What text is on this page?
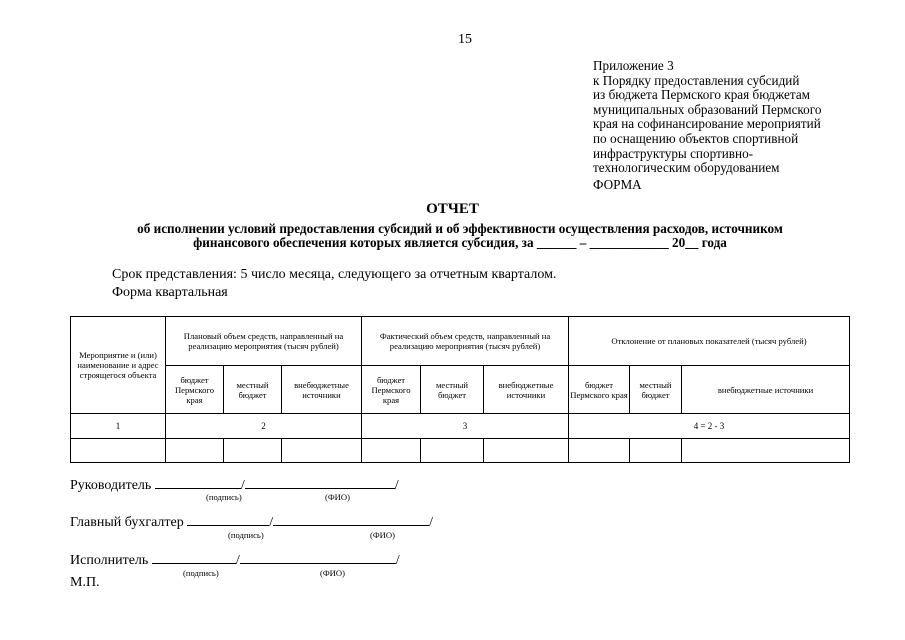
15
Приложение 3
к Порядку предоставления субсидий
из бюджета Пермского края бюджетам
муниципальных образований Пермского
края на софинансирование мероприятий
по оснащению объектов спортивной
инфраструктуры спортивно-
технологическим оборудованием
ФОРМА
ОТЧЕТ
об исполнении условий предоставления субсидий и об эффективности осуществления расходов, источником
финансового обеспечения которых является субсидия, за ______ – ____________ 20__ года
Срок представления: 5 число месяца, следующего за отчетным кварталом.
Форма квартальная
Мероприятие и (или) наименование и адрес строящегося объекта	Плановый объем средств, направленный на реализацию мероприятия (тысяч рублей)			Фактический объем средств, направленный на реализацию мероприятия (тысяч рублей)			Отклонение от плановых показателей (тысяч рублей)		
	бюджет Пермского края	местный бюджет	внебюджетные источники	бюджет Пермского края	местный бюджет	внебюджетные источники	бюджет Пермского края	местный бюджет	внебюджетные источники
1	2			3			4 = 2 - 3		

Руководитель	/	/
(подпись)	(ФИО)
Главный бухгалтер	/	/
(подпись)	(ФИО)
Исполнитель	/	/
(подпись)	(ФИО)
М.П.
